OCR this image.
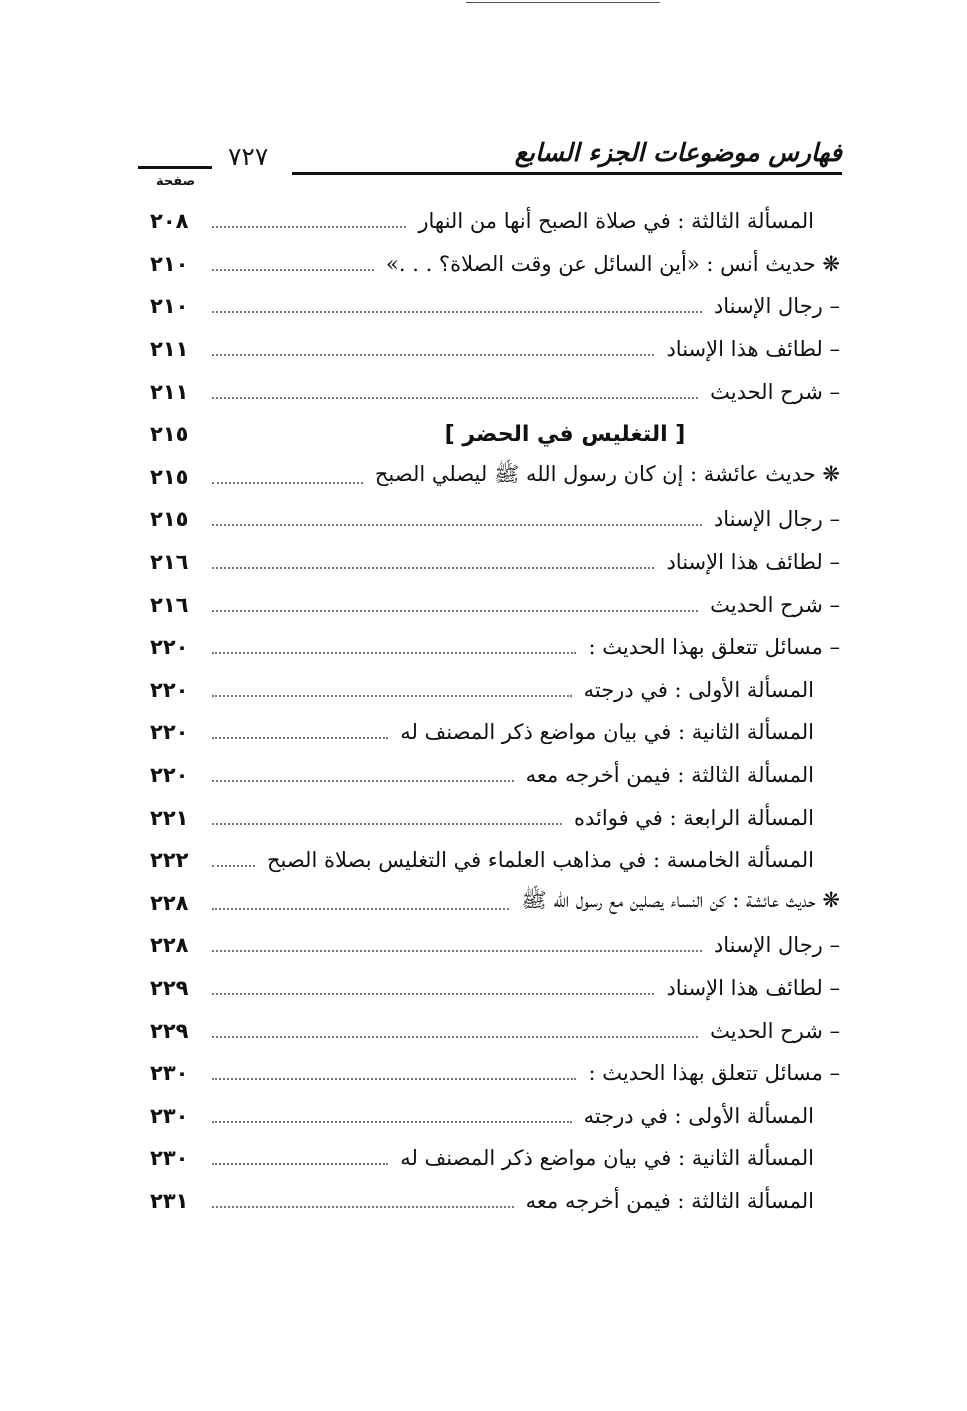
فهارس موضوعات الجزء السابع
٧٢٧
صفحة
المسألة الثالثة : في صلاة الصبح أنها من النهار
٢٠٨
❋ حديث أنس : «أين السائل عن وقت الصلاة؟ . . .»
٢١٠
– رجال الإسناد
٢١٠
– لطائف هذا الإسناد
٢١١
– شرح الحديث
٢١١
[ التغليس في الحضر ]
٢١٥
❋ حديث عائشة : إن كان رسول الله ﷺ ليصلي الصبح
٢١٥
– رجال الإسناد
٢١٥
– لطائف هذا الإسناد
٢١٦
– شرح الحديث
٢١٦
– مسائل تتعلق بهذا الحديث :
٢٢٠
المسألة الأولى : في درجته
٢٢٠
المسألة الثانية : في بيان مواضع ذكر المصنف له
٢٢٠
المسألة الثالثة : فيمن أخرجه معه
٢٢٠
المسألة الرابعة : في فوائده
٢٢١
المسألة الخامسة : في مذاهب العلماء في التغليس بصلاة الصبح
٢٢٢
❋ حديث عائشة : كن النساء يصلين مع رسول الله ﷺ
٢٢٨
– رجال الإسناد
٢٢٨
– لطائف هذا الإسناد
٢٢٩
– شرح الحديث
٢٢٩
– مسائل تتعلق بهذا الحديث :
٢٣٠
المسألة الأولى : في درجته
٢٣٠
المسألة الثانية : في بيان مواضع ذكر المصنف له
٢٣٠
المسألة الثالثة : فيمن أخرجه معه
٢٣١
